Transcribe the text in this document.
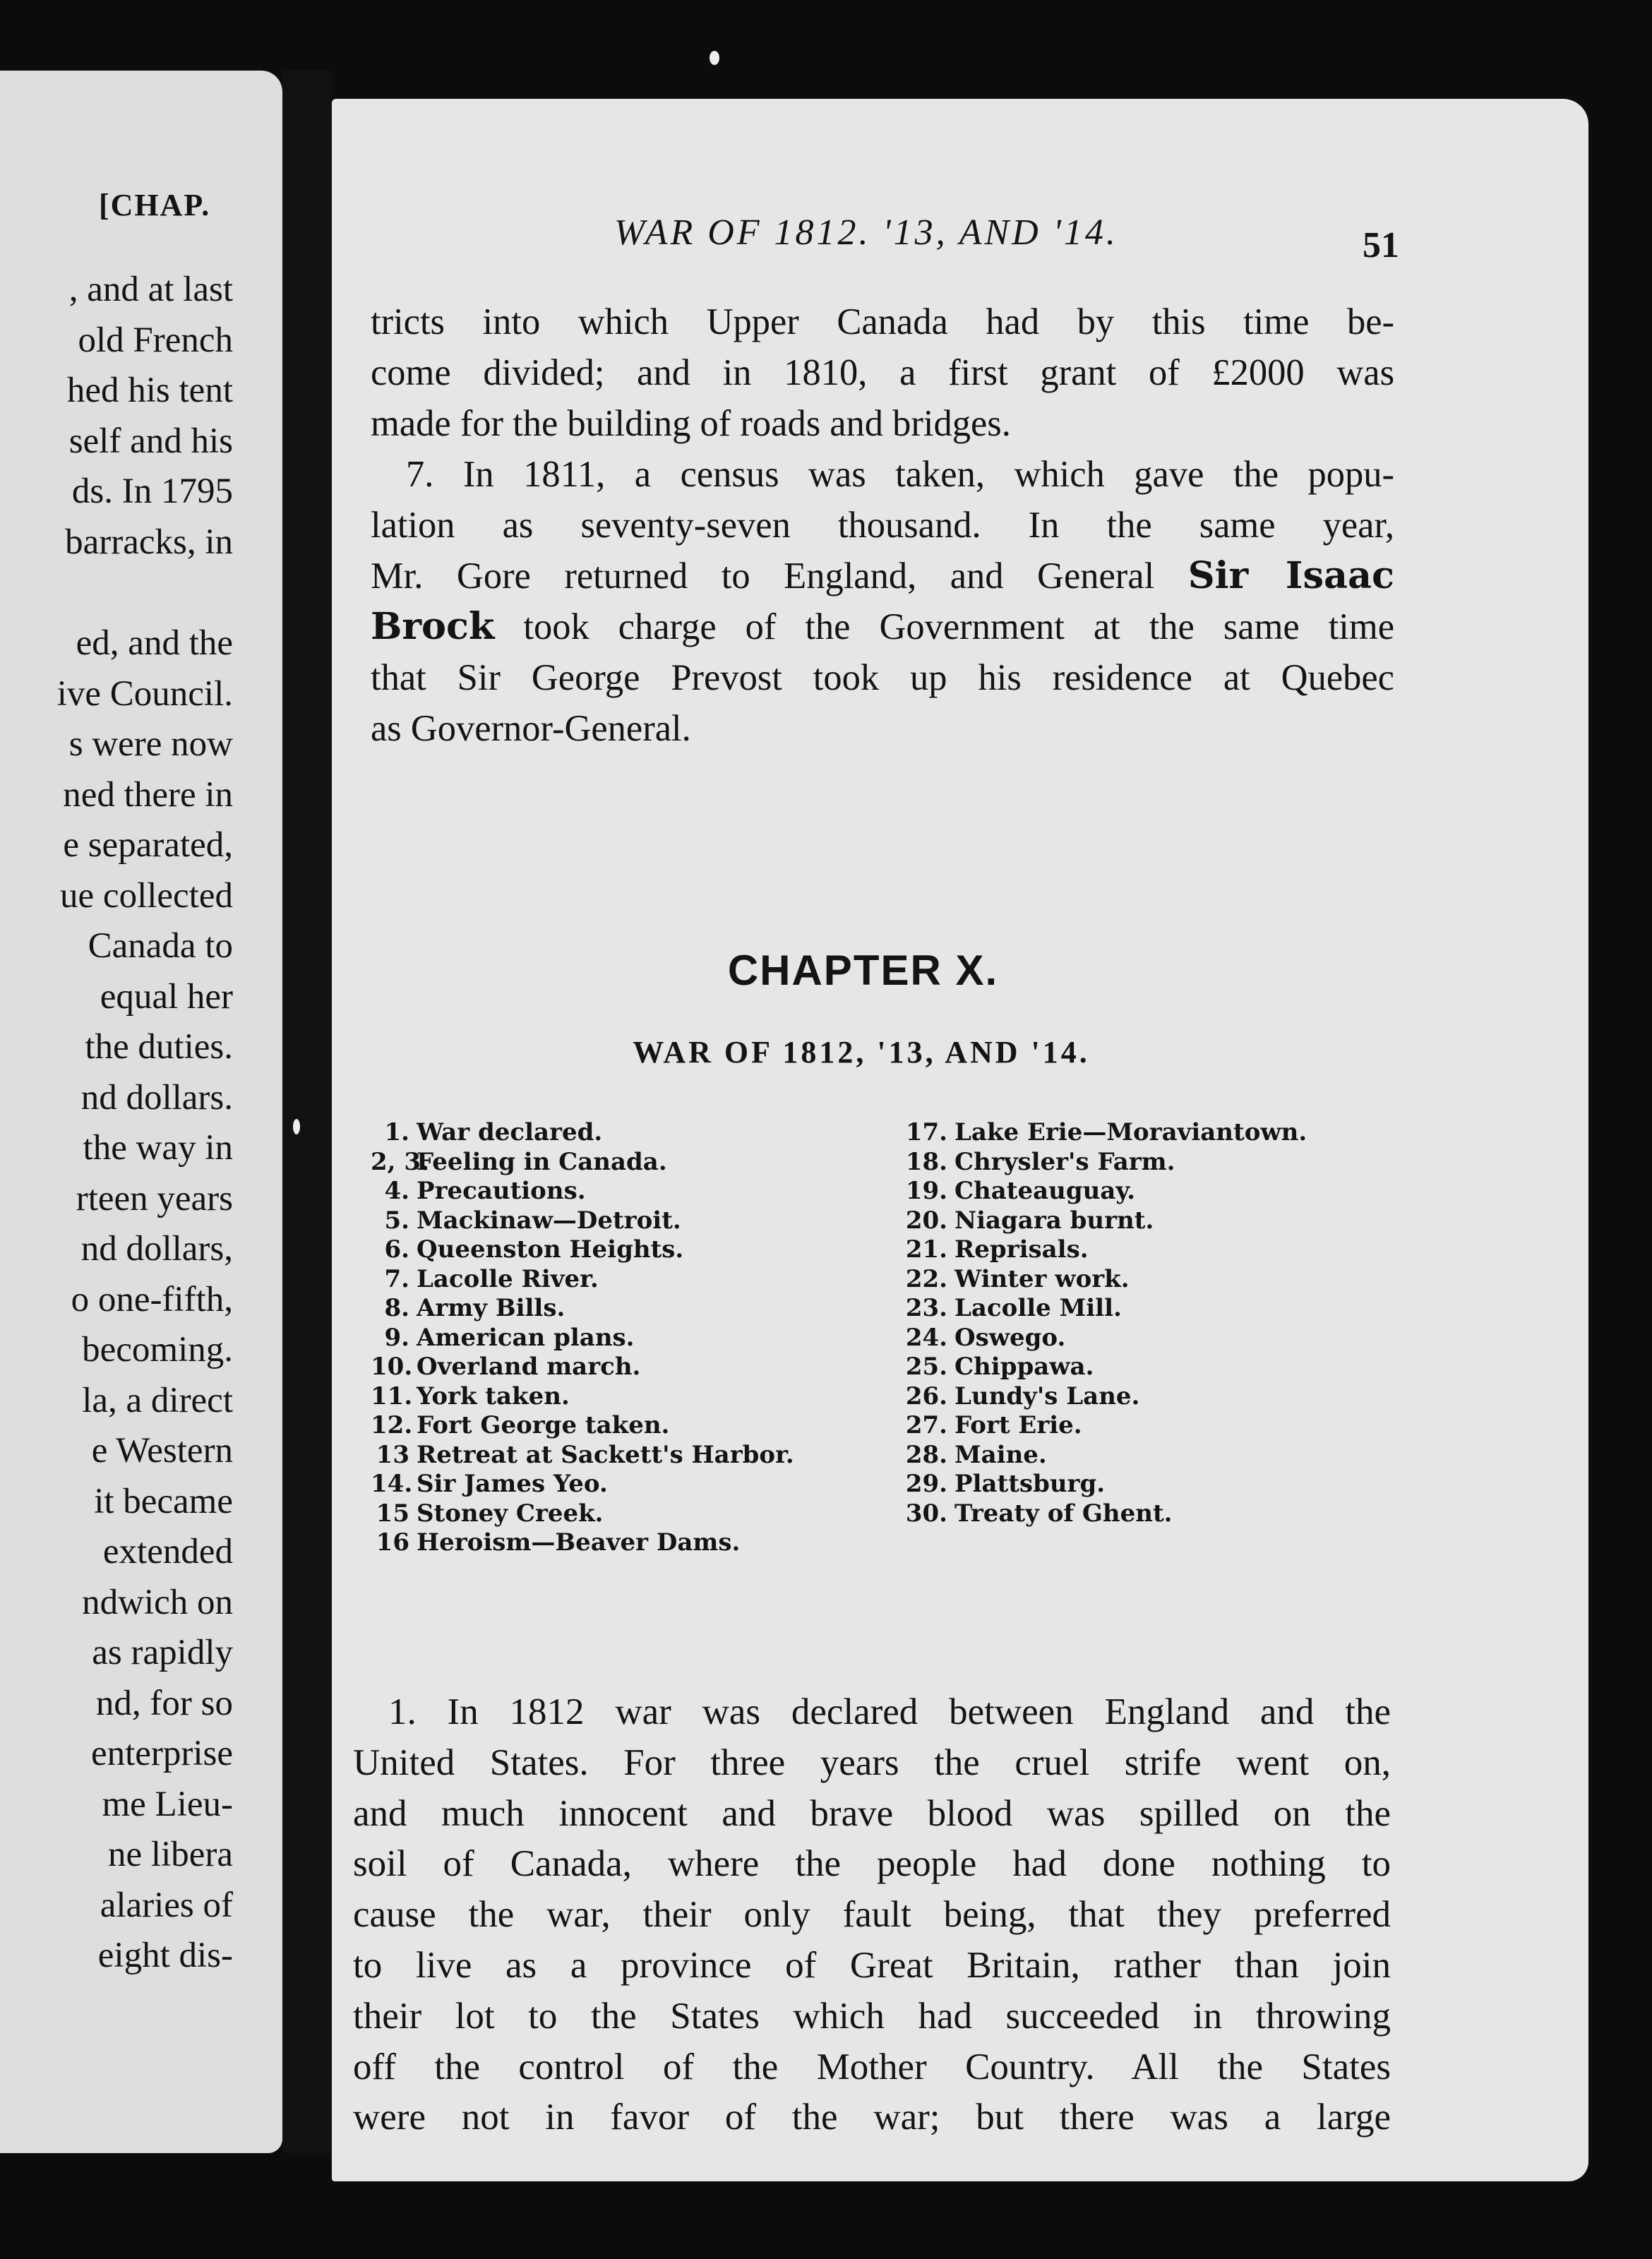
[CHAP.
, and at last
old French
hed his tent
self and his
ds. In 1795
barracks, in
ed, and the
ive Council.
s were now
ned there in
e separated,
ue collected
Canada to
equal her
the duties.
nd dollars.
the way in
rteen years
nd dollars,
o one-fifth,
becoming.
la, a direct
e Western
it became
extended
ndwich on
as rapidly
nd, for so
enterprise
me Lieu-
ne libera
alaries of
eight dis-
WAR OF 1812. '13, AND '14.	51
tricts into which Upper Canada had by this time be-
come divided; and in 1810, a first grant of £2000 was
made for the building of roads and bridges.
7. In 1811, a census was taken, which gave the popu-
lation as seventy-seven thousand. In the same year,
Mr. Gore returned to England, and General Sir Isaac
Brock took charge of the Government at the same time
that Sir George Prevost took up his residence at Quebec
as Governor-General.
CHAPTER X.
WAR OF 1812, '13, AND '14.
1. War declared.
2, 3.Feeling in Canada.
4. Precautions.
5. Mackinaw—Detroit.
6. Queenston Heights.
7. Lacolle River.
8. Army Bills.
9. American plans.
10. Overland march.
11. York taken.
12. Fort George taken.
13 Retreat at Sackett's Harbor.
14. Sir James Yeo.
15 Stoney Creek.
16 Heroism—Beaver Dams.
17. Lake Erie—Moraviantown.
18. Chrysler's Farm.
19. Chateauguay.
20. Niagara burnt.
21. Reprisals.
22. Winter work.
23. Lacolle Mill.
24. Oswego.
25. Chippawa.
26. Lundy's Lane.
27. Fort Erie.
28. Maine.
29. Plattsburg.
30. Treaty of Ghent.
1. In 1812 war was declared between England and the
United States. For three years the cruel strife went on,
and much innocent and brave blood was spilled on the
soil of Canada, where the people had done nothing to
cause the war, their only fault being, that they preferred
to live as a province of Great Britain, rather than join
their lot to the States which had succeeded in throwing
off the control of the Mother Country. All the States
were not in favor of the war; but there was a large
